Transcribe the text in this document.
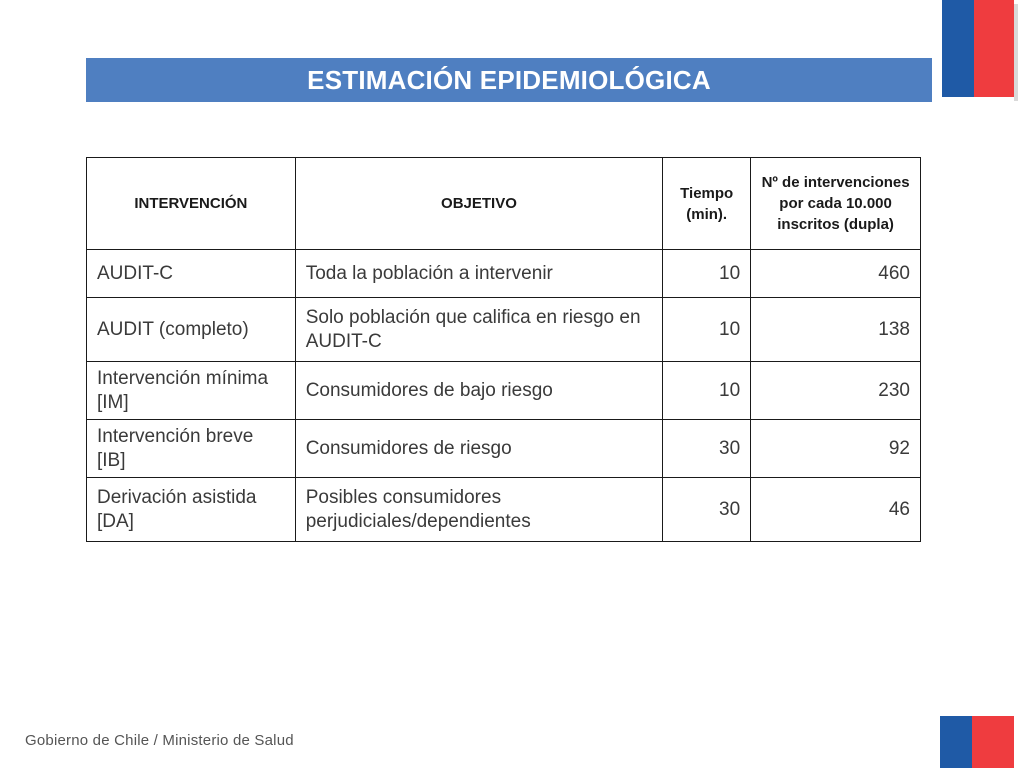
ESTIMACIÓN EPIDEMIOLÓGICA
INTERVENCIÓN	OBJETIVO	Tiempo (min).	Nº de intervenciones por cada 10.000 inscritos (dupla)
AUDIT-C	Toda la población a intervenir	10	460
AUDIT (completo)	Solo población que califica en riesgo en AUDIT-C	10	138
Intervención mínima [IM]	Consumidores de bajo riesgo	10	230
Intervención breve [IB]	Consumidores de riesgo	30	92
Derivación asistida [DA]	Posibles consumidores perjudiciales/dependientes	30	46
Gobierno de Chile / Ministerio de Salud
